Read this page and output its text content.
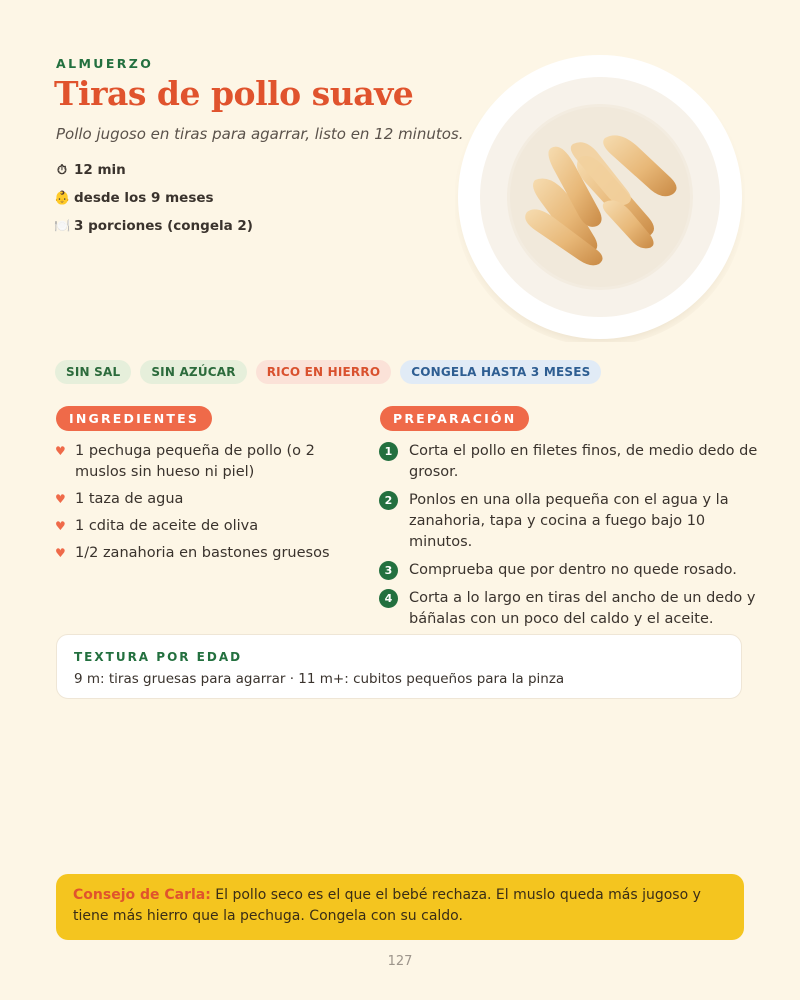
ALMUERZO
Tiras de pollo suave
Pollo jugoso en tiras para agarrar, listo en 12 minutos.
⏱ 12 min
👶 desde los 9 meses
🍽️ 3 porciones (congela 2)
SIN SAL	SIN AZÚCAR	RICO EN HIERRO	CONGELA HASTA 3 MESES
INGREDIENTES	PREPARACIÓN
♥ 1 pechuga pequeña de pollo (o 2 muslos sin hueso ni piel)
♥ 1 taza de agua
♥ 1 cdita de aceite de oliva
♥ 1/2 zanahoria en bastones gruesos
1	Corta el pollo en filetes finos, de medio dedo de grosor.
2	Ponlos en una olla pequeña con el agua y la zanahoria, tapa y cocina a fuego bajo 10 minutos.
3	Comprueba que por dentro no quede rosado.
4	Corta a lo largo en tiras del ancho de un dedo y báñalas con un poco del caldo y el aceite.
TEXTURA POR EDAD
9 m: tiras gruesas para agarrar · 11 m+: cubitos pequeños para la pinza
Consejo de Carla: El pollo seco es el que el bebé rechaza. El muslo queda más jugoso y tiene más hierro que la pechuga. Congela con su caldo.
127
